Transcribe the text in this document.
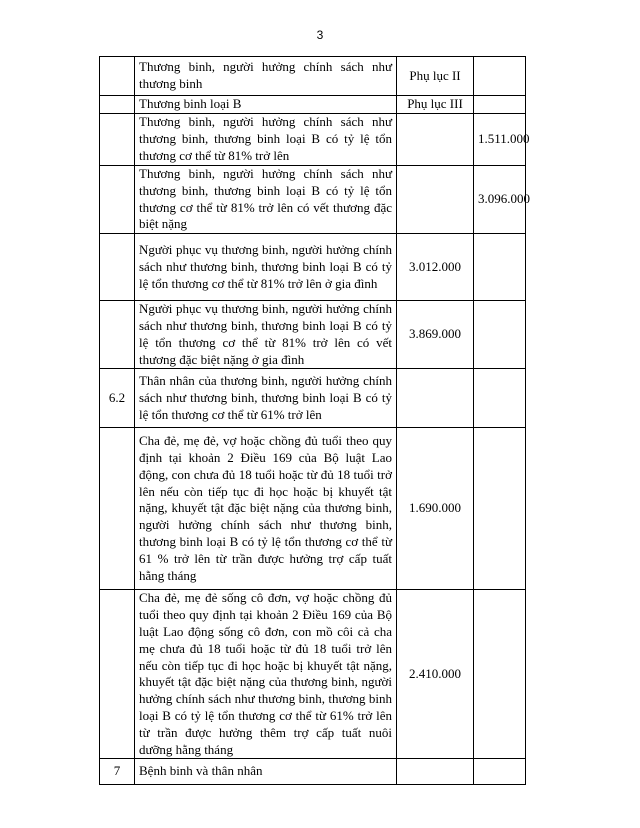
3
	Thương binh, người hưởng chính sách như thương binh	Phụ lục II	
	Thương binh loại B	Phụ lục III	
	Thương binh, người hưởng chính sách như thương binh, thương binh loại B có tỷ lệ tổn thương cơ thể từ 81% trở lên		1.511.000
	Thương binh, người hưởng chính sách như thương binh, thương binh loại B có tỷ lệ tổn thương cơ thể từ 81% trở lên có vết thương đặc biệt nặng		3.096.000
	Người phục vụ thương binh, người hưởng chính sách như thương binh, thương binh loại B có tỷ lệ tổn thương cơ thể từ 81% trở lên ở gia đình	3.012.000	
	Người phục vụ thương binh, người hưởng chính sách như thương binh, thương binh loại B có tỷ lệ tổn thương cơ thể từ 81% trở lên có vết thương đặc biệt nặng ở gia đình	3.869.000	
6.2	Thân nhân của thương binh, người hưởng chính sách như thương binh, thương binh loại B có tỷ lệ tổn thương cơ thể từ 61% trở lên		
	Cha đẻ, mẹ đẻ, vợ hoặc chồng đủ tuổi theo quy định tại khoản 2 Điều 169 của Bộ luật Lao động, con chưa đủ 18 tuổi hoặc từ đủ 18 tuổi trở lên nếu còn tiếp tục đi học hoặc bị khuyết tật nặng, khuyết tật đặc biệt nặng của thương binh, người hưởng chính sách như thương binh, thương binh loại B có tỷ lệ tổn thương cơ thể từ 61 % trở lên từ trần được hưởng trợ cấp tuất hằng tháng	1.690.000	
	Cha đẻ, mẹ đẻ sống cô đơn, vợ hoặc chồng đủ tuổi theo quy định tại khoản 2 Điều 169 của Bộ luật Lao động sống cô đơn, con mồ côi cả cha mẹ chưa đủ 18 tuổi hoặc từ đủ 18 tuổi trở lên nếu còn tiếp tục đi học hoặc bị khuyết tật nặng, khuyết tật đặc biệt nặng của thương binh, người hưởng chính sách như thương binh, thương binh loại B có tỷ lệ tổn thương cơ thể từ 61% trở lên từ trần được hưởng thêm trợ cấp tuất nuôi dưỡng hằng tháng	2.410.000	
7	Bệnh binh và thân nhân		
